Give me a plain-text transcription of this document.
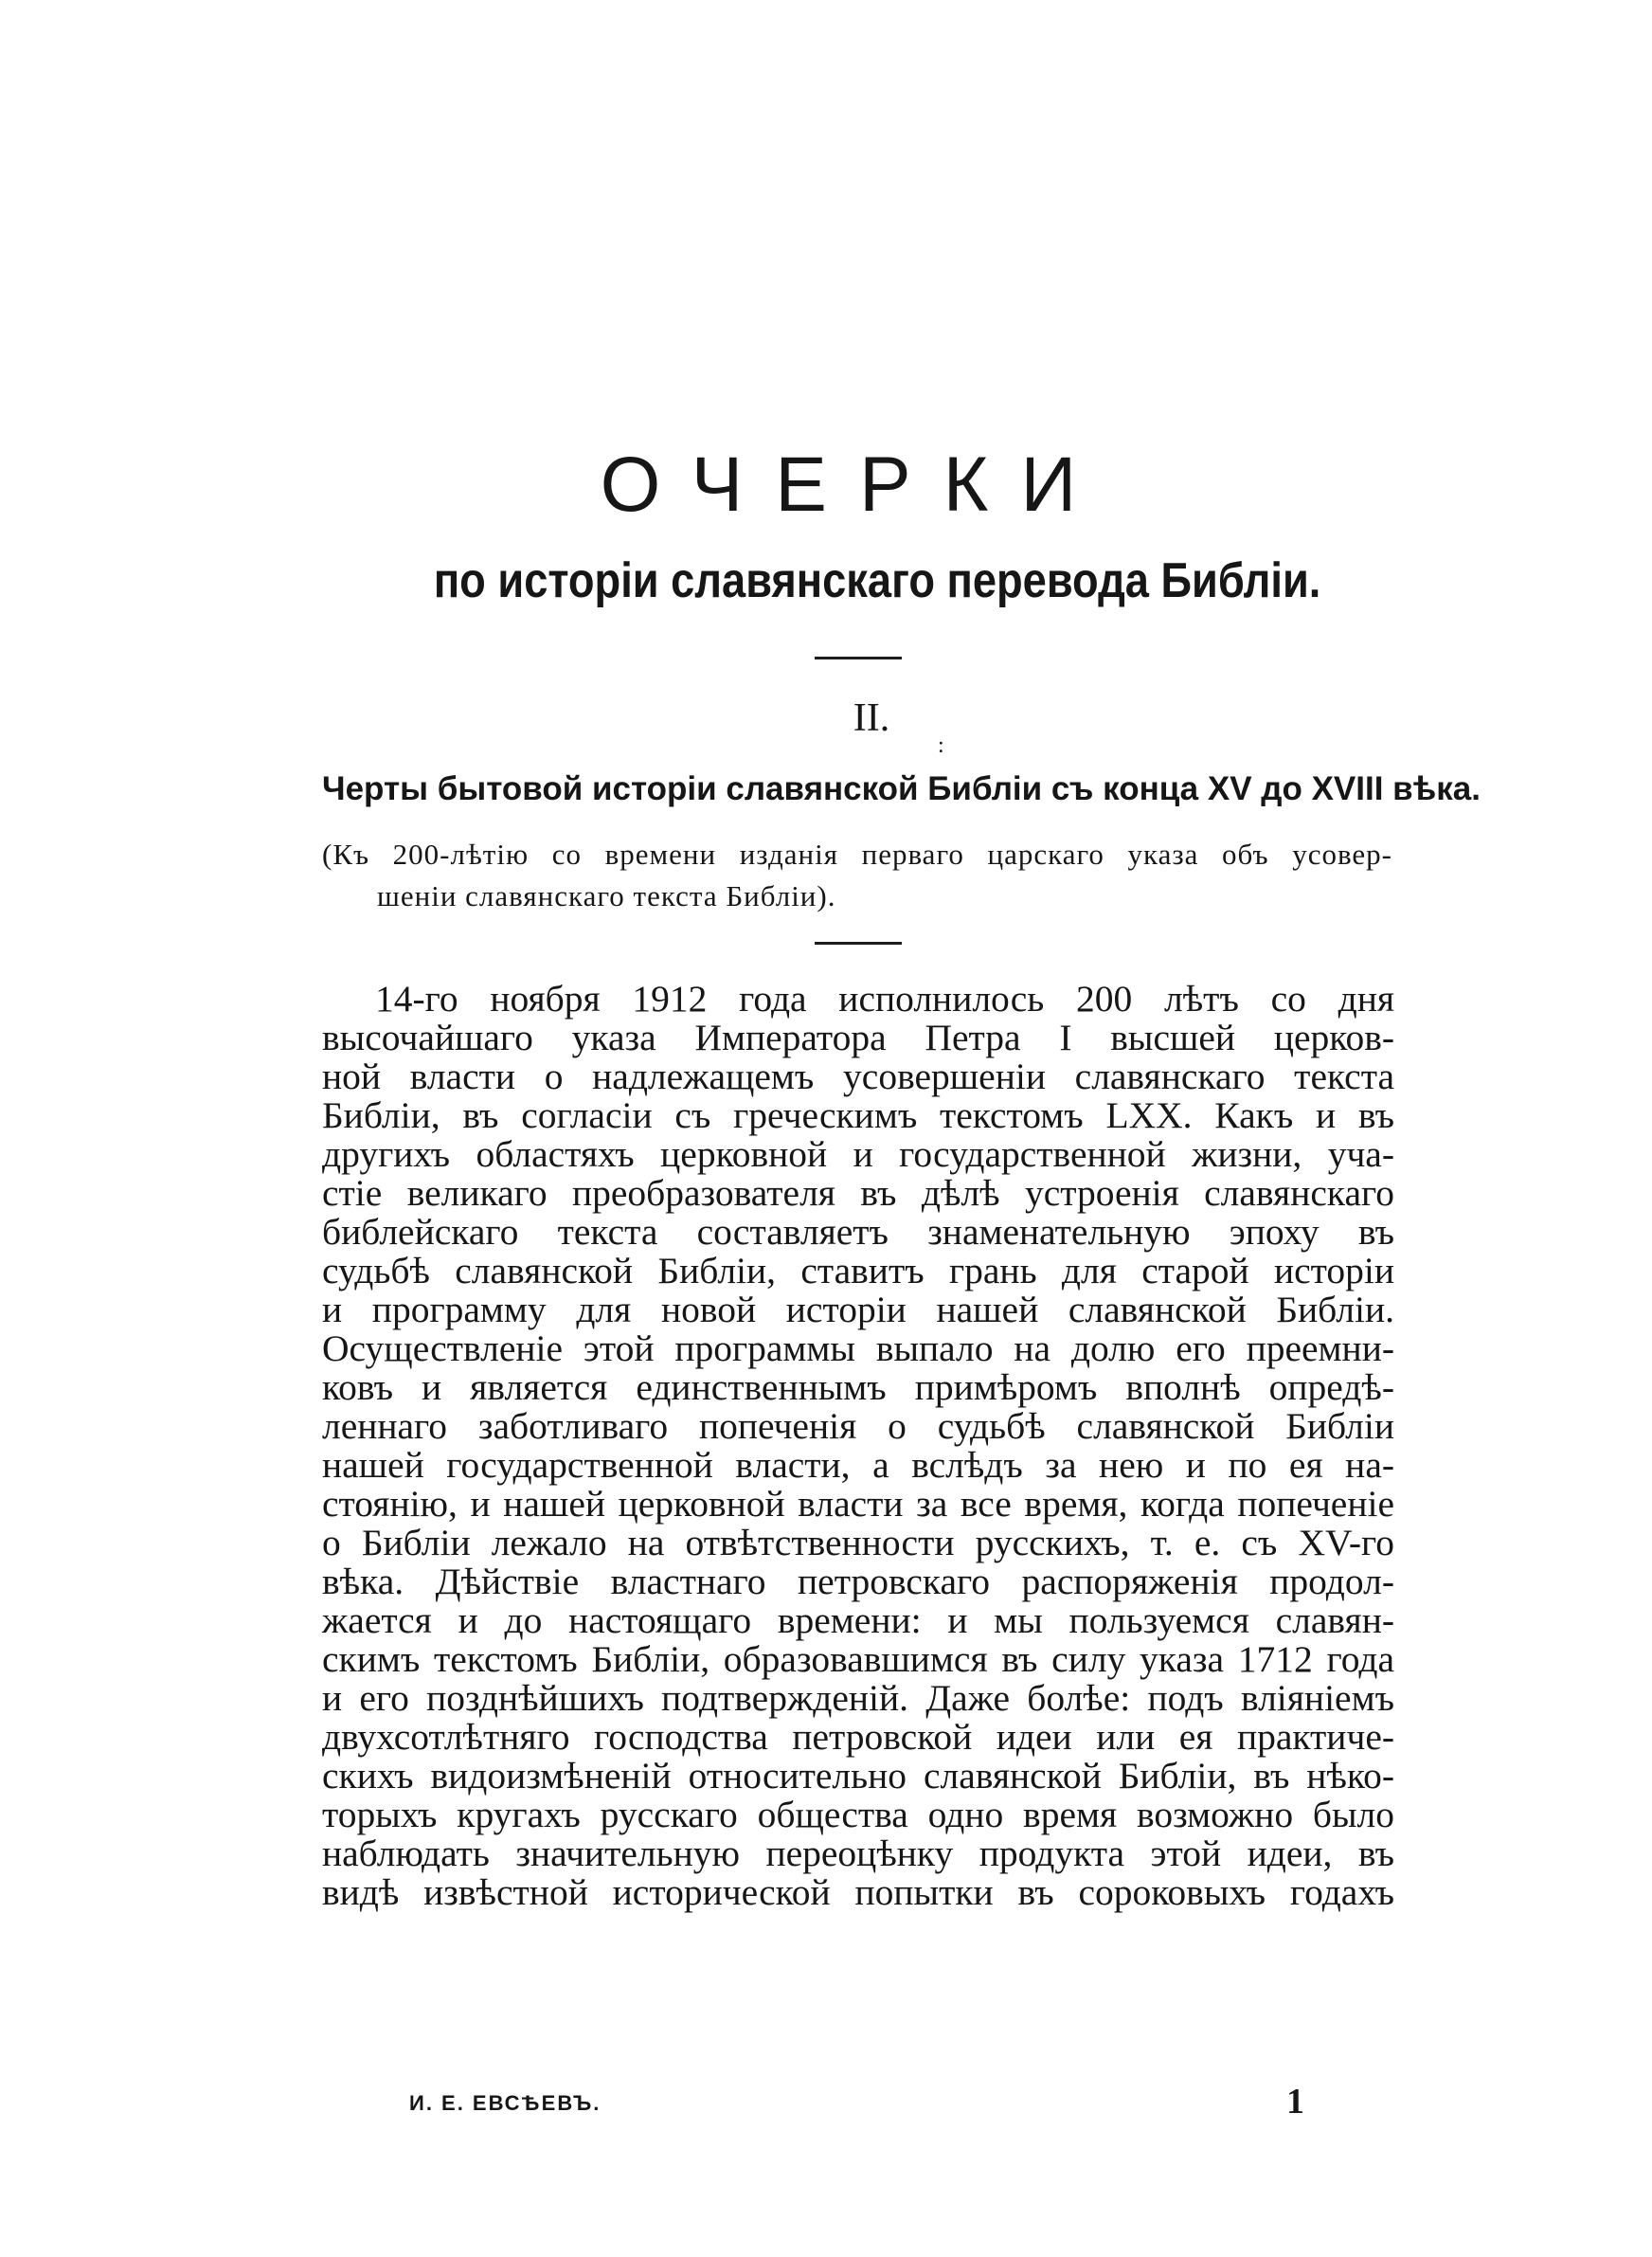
ОЧЕРКИ
по исторіи славянскаго перевода Библіи.
II.
:
Черты бытовой исторіи славянской Библіи съ конца XV до XVIII вѣка.
(Къ 200-лѣтію со времени изданія перваго царскаго указа объ усовер-
шеніи славянскаго текста Библіи).
14-го ноября 1912 года исполнилось 200 лѣтъ со дня
высочайшаго указа Императора Петра I высшей церков-
ной власти о надлежащемъ усовершеніи славянскаго текста
Библіи, въ согласіи съ греческимъ текстомъ LXX. Какъ и въ
другихъ областяхъ церковной и государственной жизни, уча-
стіе великаго преобразователя въ дѣлѣ устроенія славянскаго
библейскаго текста составляетъ знаменательную эпоху въ
судьбѣ славянской Библіи, ставитъ грань для старой исторіи
и программу для новой исторіи нашей славянской Библіи.
Осуществленіе этой программы выпало на долю его преемни-
ковъ и является единственнымъ примѣромъ вполнѣ опредѣ-
леннаго заботливаго попеченія о судьбѣ славянской Библіи
нашей государственной власти, а вслѣдъ за нею и по ея на-
стоянію, и нашей церковной власти за все время, когда попеченіе
о Библіи лежало на отвѣтственности русскихъ, т. е. съ XV-го
вѣка. Дѣйствіе властнаго петровскаго распоряженія продол-
жается и до настоящаго времени: и мы пользуемся славян-
скимъ текстомъ Библіи, образовавшимся въ силу указа 1712 года
и его позднѣйшихъ подтвержденій. Даже болѣе: подъ вліяніемъ
двухсотлѣтняго господства петровской идеи или ея практиче-
скихъ видоизмѣненій относительно славянской Библіи, въ нѣко-
торыхъ кругахъ русскаго общества одно время возможно было
наблюдать значительную переоцѣнку продукта этой идеи, въ
видѣ извѣстной исторической попытки въ сороковыхъ годахъ
И. Е. ЕВСѢЕВЪ.	1
